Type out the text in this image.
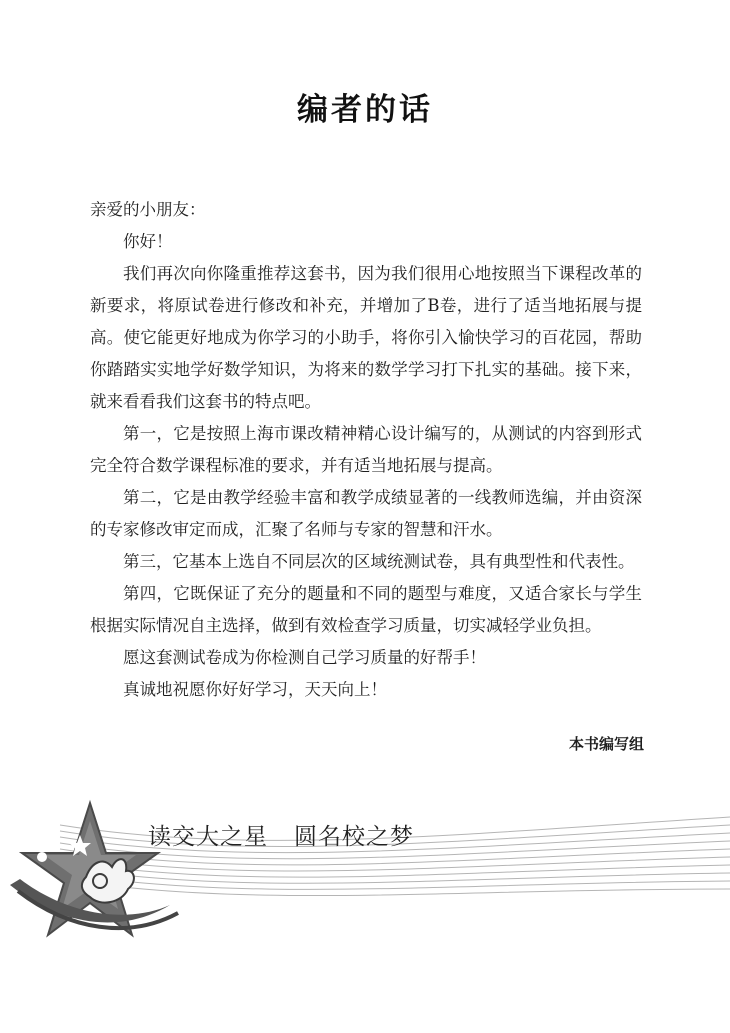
编者的话

亲爱的小朋友：

你好！

我们再次向你隆重推荐这套书，因为我们很用心地按照当下课程改革的新要求，将原试卷进行修改和补充，并增加了B卷，进行了适当地拓展与提高。使它能更好地成为你学习的小助手，将你引入愉快学习的百花园，帮助你踏踏实实地学好数学知识，为将来的数学学习打下扎实的基础。接下来，就来看看我们这套书的特点吧。

第一，它是按照上海市课改精神精心设计编写的，从测试的内容到形式完全符合数学课程标准的要求，并有适当地拓展与提高。

第二，它是由教学经验丰富和教学成绩显著的一线教师选编，并由资深的专家修改审定而成，汇聚了名师与专家的智慧和汗水。

第三，它基本上选自不同层次的区域统测试卷，具有典型性和代表性。

第四，它既保证了充分的题量和不同的题型与难度，又适合家长与学生根据实际情况自主选择，做到有效检查学习质量，切实减轻学业负担。

愿这套测试卷成为你检测自己学习质量的好帮手！

真诚地祝愿你好好学习，天天向上！

本书编写组
读交大之星 圆名校之梦
